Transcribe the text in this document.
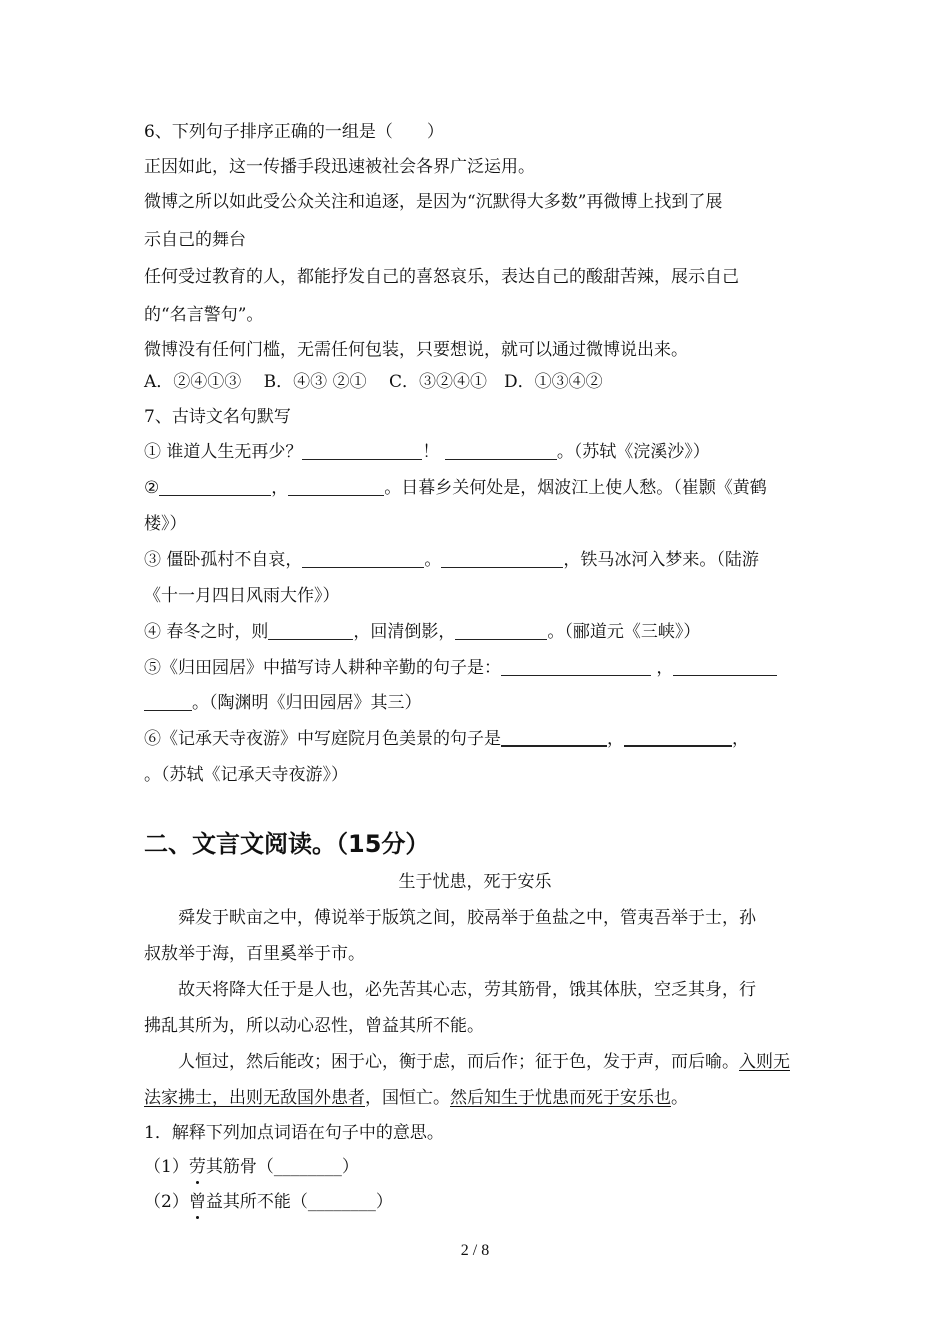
6、下列句子排序正确的一组是（　　）
正因如此，这一传播手段迅速被社会各界广泛运用。
微博之所以如此受公众关注和追逐，是因为“沉默得大多数”再微博上找到了展
示自己的舞台
任何受过教育的人，都能抒发自己的喜怒哀乐，表达自己的酸甜苦辣，展示自己
的“名言警句”。
微博没有任何门槛，无需任何包装，只要想说，就可以通过微博说出来。
A．②④①③　 B．④③ ②①　 C．③②④①　D．①③④②
7、古诗文名句默写
① 谁道人生无再少？	！	。（苏轼《浣溪沙》）
②	，	。日暮乡关何处是，烟波江上使人愁。（崔颢《黄鹤
楼》）
③ 僵卧孤村不自哀，	。	，铁马冰河入梦来。（陆游
《十一月四日风雨大作》）
④ 春冬之时，则	，回清倒影，	。（郦道元《三峡》）
⑤《归田园居》中描写诗人耕种辛勤的句子是：	，
。（陶渊明《归田园居》其三）
⑥《记承天寺夜游》中写庭院月色美景的句子是	，	，
。（苏轼《记承天寺夜游》）
二、文言文阅读。（15分）
生于忧患，死于安乐
舜发于畎亩之中，傅说举于版筑之间，胶鬲举于鱼盐之中，管夷吾举于士，孙
叔敖举于海，百里奚举于市。
故天将降大任于是人也，必先苦其心志，劳其筋骨，饿其体肤，空乏其身，行
拂乱其所为，所以动心忍性，曾益其所不能。
人恒过，然后能改；困于心，衡于虑，而后作；征于色，发于声，而后喻。入则无
法家拂士，出则无敌国外患者，国恒亡。然后知生于忧患而死于安乐也。
1．解释下列加点词语在句子中的意思。
（1）劳其筋骨（________）
（2）曾益其所不能（________）
2 / 8
